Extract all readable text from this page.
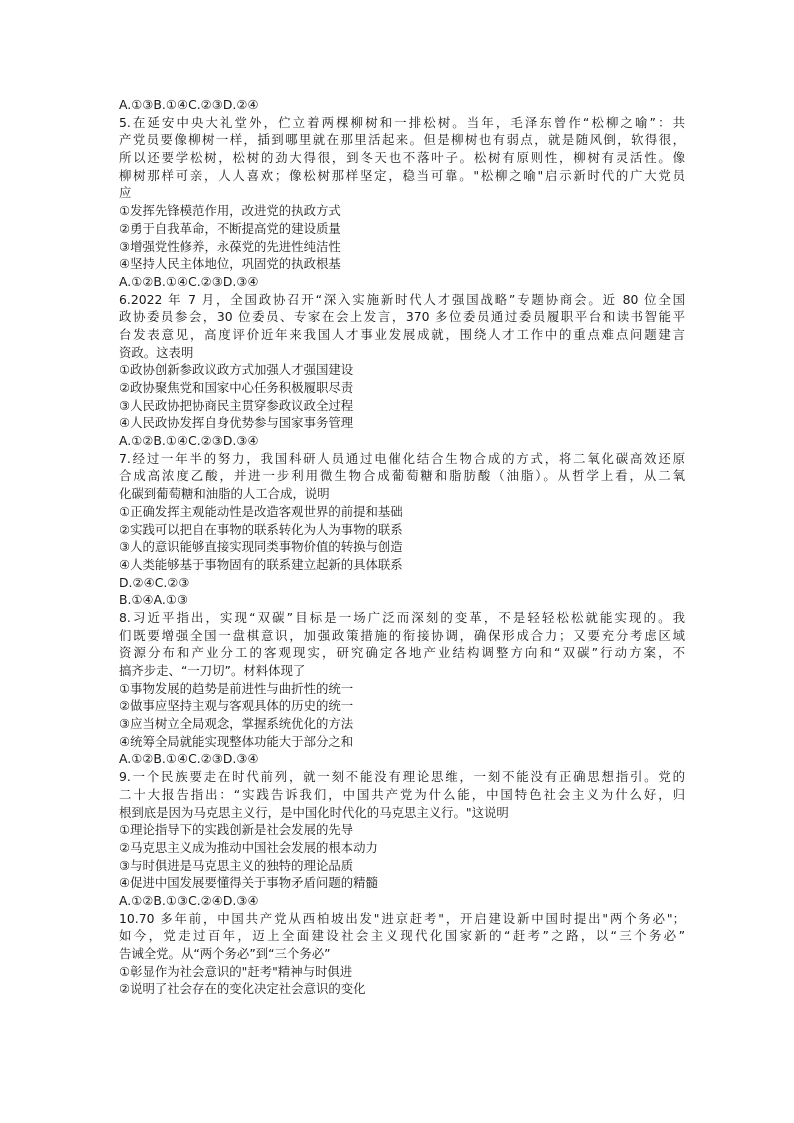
A.①③B.①④C.②③D.②④
5.在延安中央大礼堂外，伫立着两棵柳树和一排松树。当年，毛泽东曾作“松柳之喻”：共
产党员要像柳树一样，插到哪里就在那里活起来。但是柳树也有弱点，就是随风倒，软得很，
所以还要学松树，松树的劲大得很，到冬天也不落叶子。松树有原则性，柳树有灵活性。像
柳树那样可亲，人人喜欢；像松树那样坚定，稳当可靠。"松柳之喻"启示新时代的广大党员
应
①发挥先锋模范作用，改进党的执政方式
②勇于自我革命，不断提高党的建设质量
③增强党性修养，永葆党的先进性纯洁性
④坚持人民主体地位，巩固党的执政根基
A.①②B.①④C.②③D.③④
6.2022 年 7 月，全国政协召开“深入实施新时代人才强国战略”专题协商会。近 80 位全国
政协委员参会，30 位委员、专家在会上发言，370 多位委员通过委员履职平台和读书智能平
台发表意见，高度评价近年来我国人才事业发展成就，围绕人才工作中的重点难点问题建言
资政。这表明
①政协创新参政议政方式加强人才强国建设
②政协聚焦党和国家中心任务积极履职尽责
③人民政协把协商民主贯穿参政议政全过程
④人民政协发挥自身优势参与国家事务管理
A.①②B.①④C.②③D.③④
7.经过一年半的努力，我国科研人员通过电催化结合生物合成的方式，将二氧化碳高效还原
合成高浓度乙酸，并进一步利用微生物合成葡萄糖和脂肪酸（油脂）。从哲学上看，从二氧
化碳到葡萄糖和油脂的人工合成，说明
①正确发挥主观能动性是改造客观世界的前提和基础
②实践可以把自在事物的联系转化为人为事物的联系
③人的意识能够直接实现同类事物价值的转换与创造
④人类能够基于事物固有的联系建立起新的具体联系
D.②④C.②③
B.①④A.①③
8.习近平指出，实现“双碳”目标是一场广泛而深刻的变革，不是轻轻松松就能实现的。我
们既要增强全国一盘棋意识，加强政策措施的衔接协调，确保形成合力；又要充分考虑区域
资源分布和产业分工的客观现实，研究确定各地产业结构调整方向和“双碳”行动方案，不
搞齐步走、“一刀切”。材料体现了
①事物发展的趋势是前进性与曲折性的统一
②做事应坚持主观与客观具体的历史的统一
③应当树立全局观念，掌握系统优化的方法
④统筹全局就能实现整体功能大于部分之和
A.①②B.①④C.②③D.③④
9.一个民族要走在时代前列，就一刻不能没有理论思维，一刻不能没有正确思想指引。党的
二十大报告指出：“实践告诉我们，中国共产党为什么能，中国特色社会主义为什么好，归
根到底是因为马克思主义行，是中国化时代化的马克思主义行。"这说明
①理论指导下的实践创新是社会发展的先导
②马克思主义成为推动中国社会发展的根本动力
③与时俱进是马克思主义的独特的理论品质
④促进中国发展要懂得关于事物矛盾问题的精髓
A.①②B.①③C.②④D.③④
10.70 多年前，中国共产党从西柏坡出发"进京赶考"，开启建设新中国时提出"两个务必"；
如今，党走过百年，迈上全面建设社会主义现代化国家新的“赶考”之路，以“三个务必”
告诫全党。从“两个务必”到“三个务必”
①彰显作为社会意识的"赶考"精神与时俱进
②说明了社会存在的变化决定社会意识的变化
